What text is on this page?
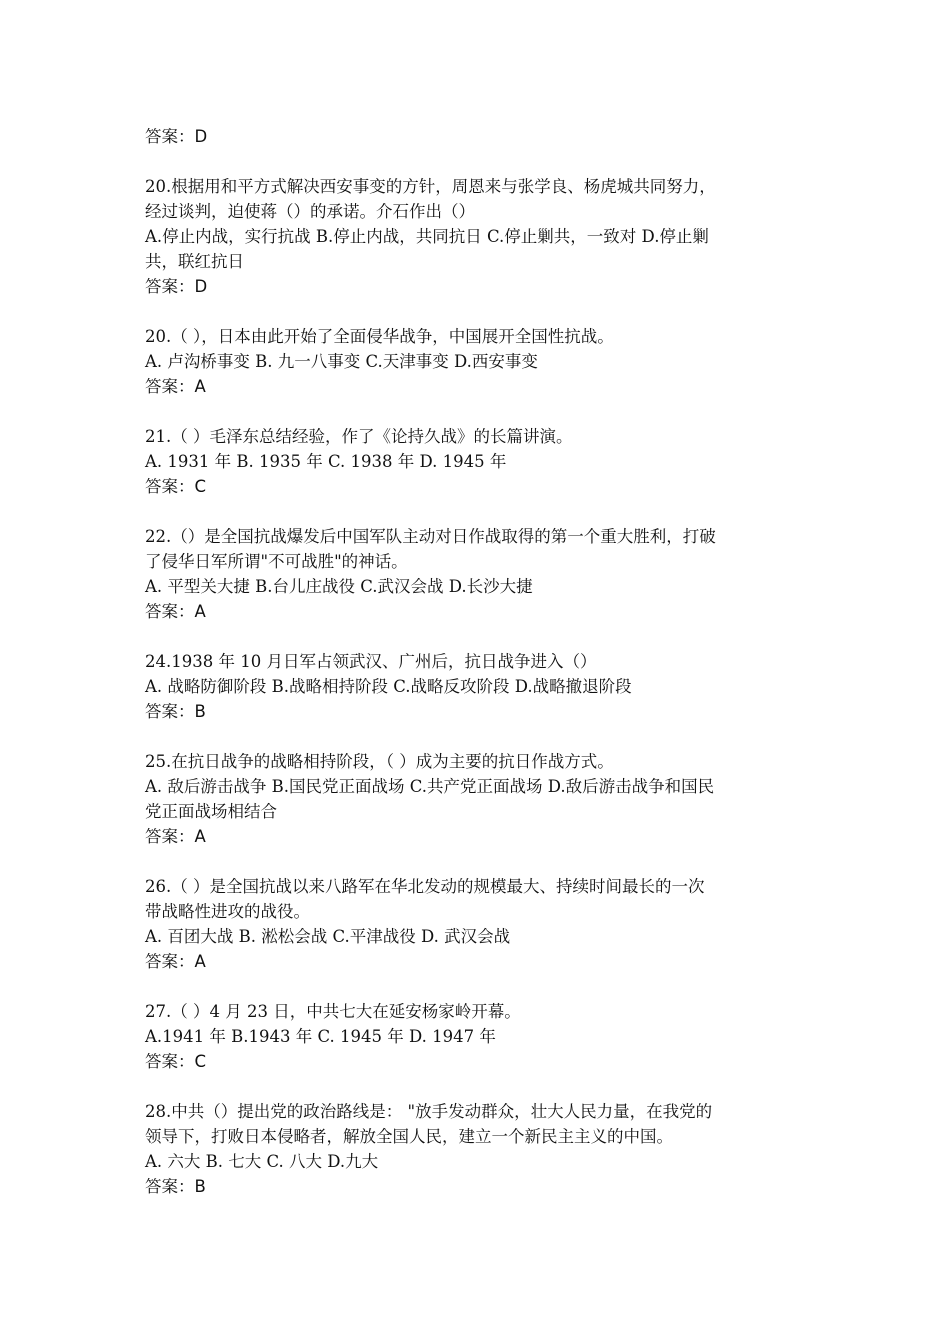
答案：D
20.根据用和平方式解决西安事变的方针，周恩来与张学良、杨虎城共同努力，
经过谈判，迫使蒋（）的承诺。介石作出（）
A.停止内战，实行抗战 B.停止内战，共同抗日 C.停止剿共，一致对 D.停止剿
共，联红抗日
答案：D
20.（ ），日本由此开始了全面侵华战争，中国展开全国性抗战。
A. 卢沟桥事变 B. 九一八事变 C.天津事变 D.西安事变
答案：A
21.（ ）毛泽东总结经验，作了《论持久战》的长篇讲演。
A. 1931 年 B. 1935 年 C. 1938 年 D. 1945 年
答案：C
22.（）是全国抗战爆发后中国军队主动对日作战取得的第一个重大胜利，打破
了侵华日军所谓"不可战胜"的神话。
A. 平型关大捷 B.台儿庄战役 C.武汉会战 D.长沙大捷
答案：A
24.1938 年 10 月日军占领武汉、广州后，抗日战争进入（）
A. 战略防御阶段 B.战略相持阶段 C.战略反攻阶段 D.战略撤退阶段
答案：B
25.在抗日战争的战略相持阶段，（ ）成为主要的抗日作战方式。
A. 敌后游击战争 B.国民党正面战场 C.共产党正面战场 D.敌后游击战争和国民
党正面战场相结合
答案：A
26.（ ）是全国抗战以来八路军在华北发动的规模最大、持续时间最长的一次
带战略性进攻的战役。
A. 百团大战 B. 淞松会战 C.平津战役 D. 武汉会战
答案：A
27.（ ）4 月 23 日，中共七大在延安杨家岭开幕。
A.1941 年 B.1943 年 C. 1945 年 D. 1947 年
答案：C
28.中共（）提出党的政治路线是： "放手发动群众，壮大人民力量，在我党的
领导下，打败日本侵略者，解放全国人民，建立一个新民主主义的中国。
A. 六大 B. 七大 C. 八大 D.九大
答案：B
